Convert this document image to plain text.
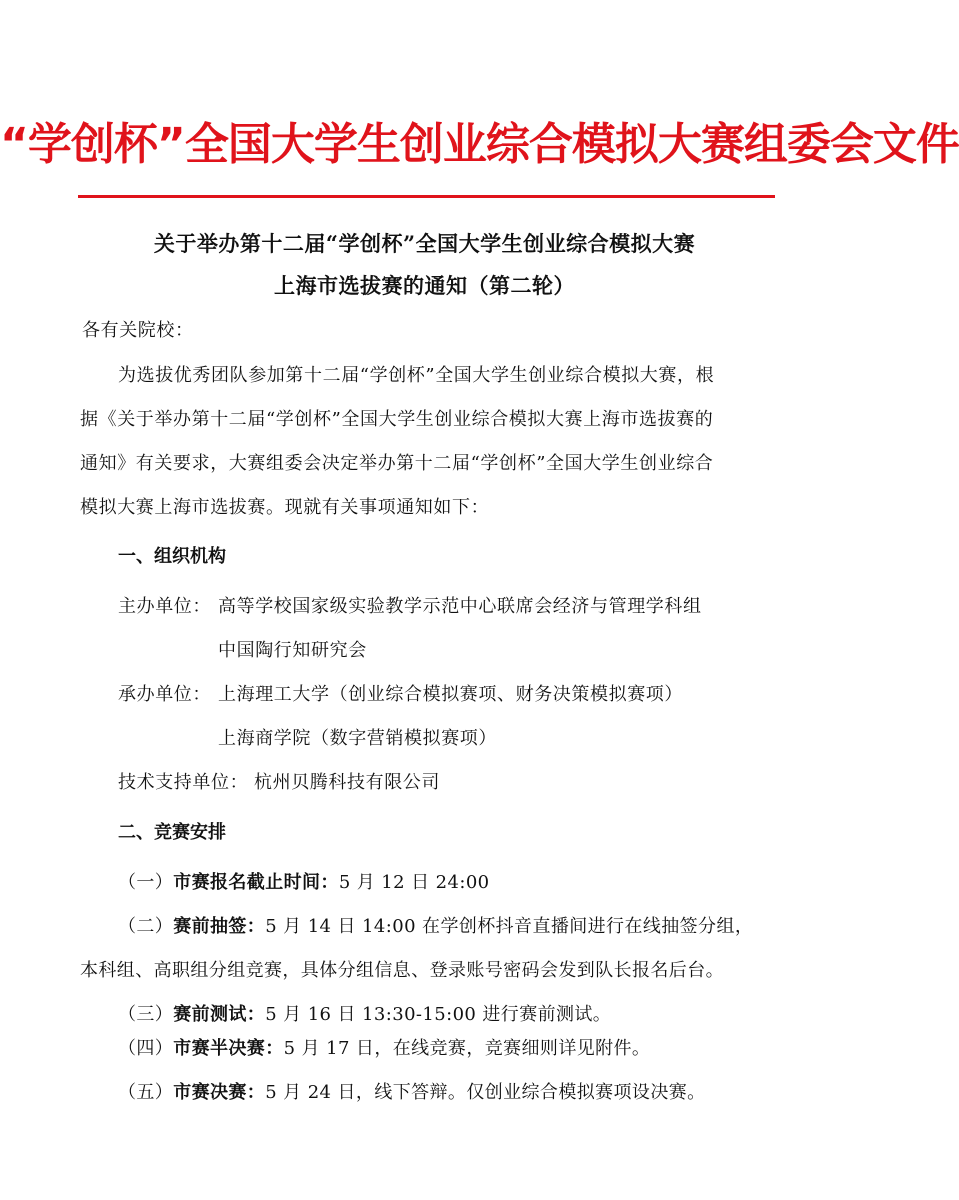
“学创杯”全国大学生创业综合模拟大赛组委会文件
关于举办第十二届“学创杯”全国大学生创业综合模拟大赛
上海市选拔赛的通知（第二轮）
各有关院校：
为选拔优秀团队参加第十二届“学创杯”全国大学生创业综合模拟大赛，根
据《关于举办第十二届“学创杯”全国大学生创业综合模拟大赛上海市选拔赛的
通知》有关要求，大赛组委会决定举办第十二届“学创杯”全国大学生创业综合
模拟大赛上海市选拔赛。现就有关事项通知如下：
一、组织机构
主办单位： 高等学校国家级实验教学示范中心联席会经济与管理学科组
中国陶行知研究会
承办单位： 上海理工大学（创业综合模拟赛项、财务决策模拟赛项）
上海商学院（数字营销模拟赛项）
技术支持单位： 杭州贝腾科技有限公司
二、竞赛安排
（一）市赛报名截止时间：5 月 12 日 24:00
（二）赛前抽签：5 月 14 日 14:00 在学创杯抖音直播间进行在线抽签分组，
本科组、高职组分组竞赛，具体分组信息、登录账号密码会发到队长报名后台。
（三）赛前测试：5 月 16 日 13:30-15:00 进行赛前测试。
（四）市赛半决赛：5 月 17 日，在线竞赛，竞赛细则详见附件。
（五）市赛决赛：5 月 24 日，线下答辩。仅创业综合模拟赛项设决赛。
